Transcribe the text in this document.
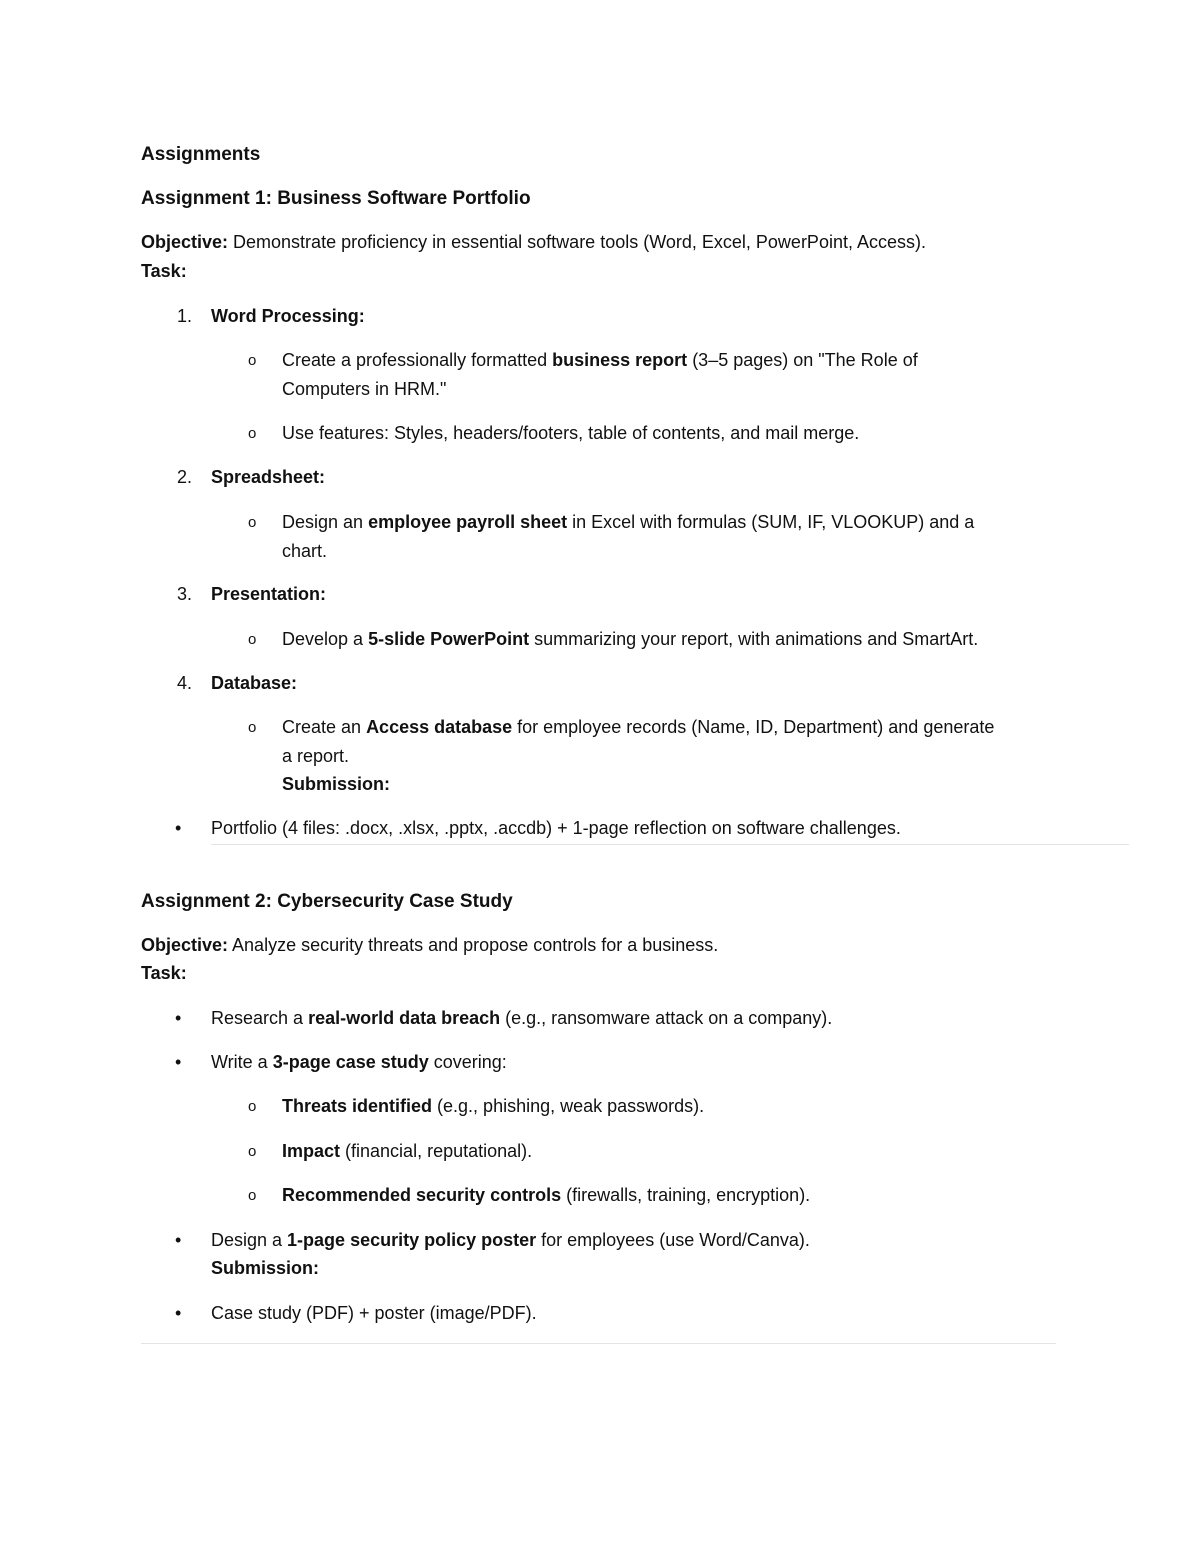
Assignments
Assignment 1: Business Software Portfolio
Objective: Demonstrate proficiency in essential software tools (Word, Excel, PowerPoint, Access).
Task:
1. Word Processing:
o Create a professionally formatted business report (3–5 pages) on "The Role of
Computers in HRM."
o Use features: Styles, headers/footers, table of contents, and mail merge.
2. Spreadsheet:
o Design an employee payroll sheet in Excel with formulas (SUM, IF, VLOOKUP) and a
chart.
3. Presentation:
o Develop a 5-slide PowerPoint summarizing your report, with animations and SmartArt.
4. Database:
o Create an Access database for employee records (Name, ID, Department) and generate
a report.
Submission:
• Portfolio (4 files: .docx, .xlsx, .pptx, .accdb) + 1-page reflection on software challenges.
Assignment 2: Cybersecurity Case Study
Objective: Analyze security threats and propose controls for a business.
Task:
• Research a real-world data breach (e.g., ransomware attack on a company).
• Write a 3-page case study covering:
o Threats identified (e.g., phishing, weak passwords).
o Impact (financial, reputational).
o Recommended security controls (firewalls, training, encryption).
• Design a 1-page security policy poster for employees (use Word/Canva).
Submission:
• Case study (PDF) + poster (image/PDF).
